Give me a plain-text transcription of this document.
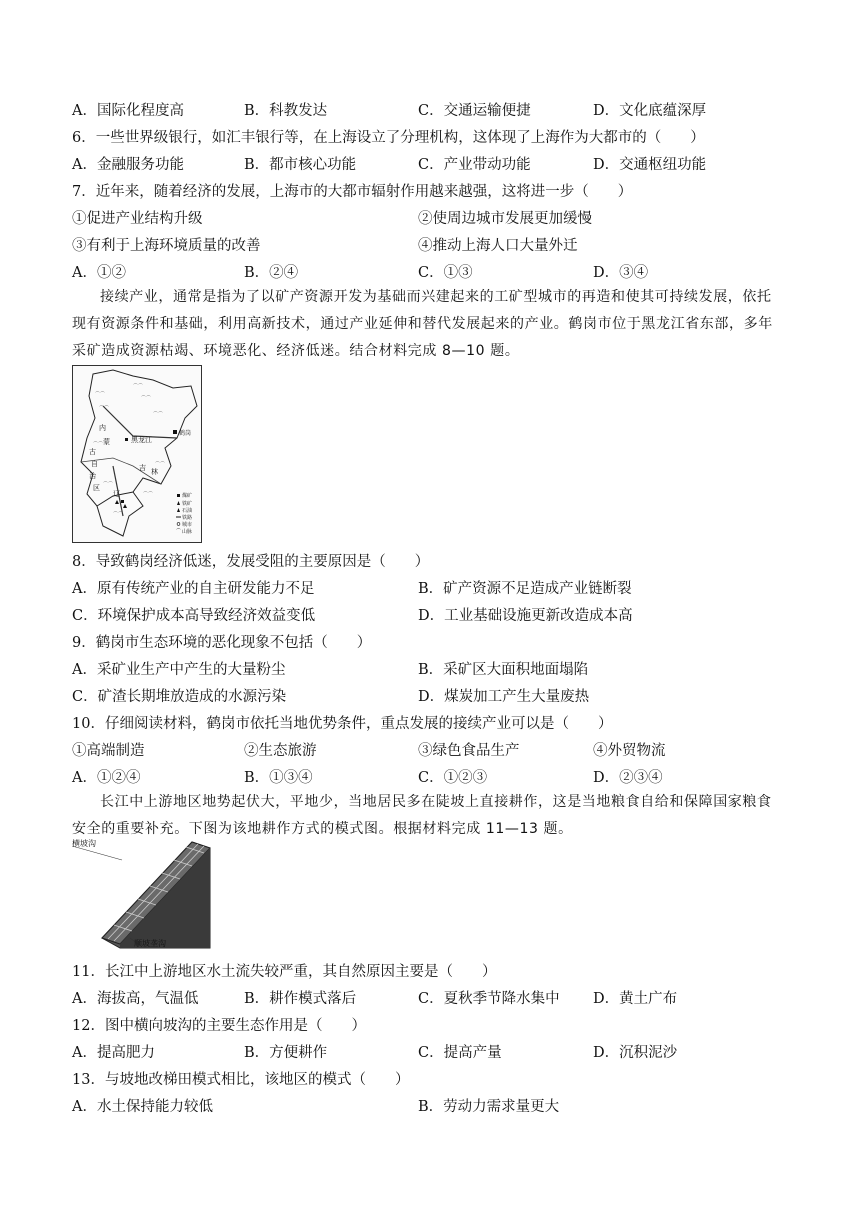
A．国际化程度高	B．科教发达	C．交通运输便捷	D．文化底蕴深厚
6．一些世界级银行，如汇丰银行等，在上海设立了分理机构，这体现了上海作为大都市的（　　）
A．金融服务功能	B．都市核心功能	C．产业带动功能	D．交通枢纽功能
7．近年来，随着经济的发展，上海市的大都市辐射作用越来越强，这将进一步（　　）
①促进产业结构升级	②使周边城市发展更加缓慢
③有利于上海环境质量的改善	④推动上海人口大量外迁
A．①②	B．②④	C．①③	D．③④
接续产业，通常是指为了以矿产资源开发为基础而兴建起来的工矿型城市的再造和使其可持续发展，依托现有资源条件和基础，利用高新技术，通过产业延伸和替代发展起来的产业。鹤岗市位于黑龙江省东部，多年采矿造成资源枯竭、环境恶化、经济低迷。结合材料完成 8—10 题。
⌒⌒
⌒⌒
⌒⌒
⌒⌒
⌒⌒
⌒⌒
⌒⌒
⌒⌒
⌒⌒
⌒⌒
鹤岗
黑龙江
内
蒙
古
自
治
区
吉 林
辽	煤矿
铁矿
石油
铁路
城市
⌒ 山脉
8．导致鹤岗经济低迷，发展受阻的主要原因是（　　）
A．原有传统产业的自主研发能力不足	B．矿产资源不足造成产业链断裂
C．环境保护成本高导致经济效益变低	D．工业基础设施更新改造成本高
9．鹤岗市生态环境的恶化现象不包括（　　）
A．采矿业生产中产生的大量粉尘	B．采矿区大面积地面塌陷
C．矿渣长期堆放造成的水源污染	D．煤炭加工产生大量废热
10．仔细阅读材料，鹤岗市依托当地优势条件，重点发展的接续产业可以是（　　）
①高端制造	②生态旅游	③绿色食品生产	④外贸物流
A．①②④	B．①③④	C．①②③	D．②③④
长江中上游地区地势起伏大，平地少，当地居民多在陡坡上直接耕作，这是当地粮食自给和保障国家粮食安全的重要补充。下图为该地耕作方式的模式图。根据材料完成 11—13 题。
横坡沟
顺坡垄沟
11．长江中上游地区水土流失较严重，其自然原因主要是（　　）
A．海拔高，气温低	B．耕作模式落后	C．夏秋季节降水集中 D．黄土广布
12．图中横向坡沟的主要生态作用是（　　）
A．提高肥力	B．方便耕作	C．提高产量	D．沉积泥沙
13．与坡地改梯田模式相比，该地区的模式（　　）
A．水土保持能力较低	B．劳动力需求量更大
